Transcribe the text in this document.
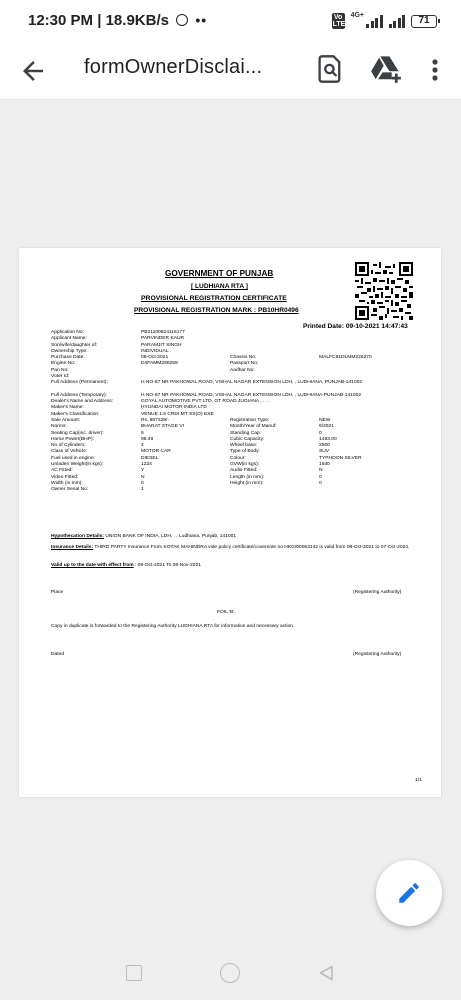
12:30 PM | 18.9KB/s ••	Vo LTE
4G+	71
formOwnerDisclai...
GOVERNMENT OF PUNJAB
[ LUDHIANA RTA ]
PROVISIONAL REGISTRATION CERTIFICATE
PROVISIONAL REGISTRATION MARK : PB10HR0496
Printed Date: 09-10-2021 14:47:43
Application No:	PB21100824116177
Applicant Name:	PARVINDER KAUR
Son/wife/daughter of:	PARAMJIT SINGH
Ownership Type:	INDIVIDUAL
Purchase Date:	08-Oct-2021	Chassis No:	MALFC81DLMM226270
Engine No:	D4FAMM298259	Passport No:
Pan No:	Aadhar No:
Voter Id:
Full Address (Permanent):	H NO-87 NR PAKHOWAL ROAD, VISHAL NAGAR EXTENSION LDH, , LUDHIANA, PUNJAB-141002
Full Address (Temporary):	H NO-87 NR PAKHOWAL ROAD, VISHAL NAGAR EXTENSION LDH, , LUDHIANA-PUNJAB-141002
Dealer's Name and Address:	GOYAL AUTOMOTIVE PVT LTD, GT ROAD JUGIANA , . . .
Maker's Name:	HYUNDAI MOTOR INDIA LTD
Maker's Classification:	VENUE 1.5 CRDI MT SX(O) EXE
Sale Amount:	Rs. 857329/-	Registration Type:	NEW
Norms:	BHARAT STAGE VI	Month/Year of Manuf:	6/2021
Seating Cap(inc. driver):	5	Standing Cap:	0
Horse Power(BHP):	98.49	Cubic Capacity:	1493.00
No of Cylinders:	4	Wheel base:	2500
Class of Vehicle:	MOTOR CAR	Type of Body:	SUV
Fuel used in engine:	DIESEL	Colour:	TYPHOON SILVER
Unladen Weight(in kgs):	1224	GVW(in kgs):	1640
AC Fitted:	Y	Audio Fitted:	N
Video Fitted:	N	Length (in mm):	0
Width (in mm):	0	Height (in mm):	0
Owner Serial No:	1
Hypothecation Details: UNION BANK OF INDIA, LDH, , , Ludhiana, Punjab, 141001
Insurance Details: THIRD PARTY Insurance From KOTAK MAHINDRA vide policy certificate/covernote no HKG/00063142 is valid from 08-Oct-2021 to 07-Oct-2024.
Valid up to the date with effect from : 09-Oct-2021 To 08-Nov-2021
Place	(Registering Authority)
FOIL 'B'.
Copy in duplicate is forwarded to the Registering Authority LUDHIANA RTA for information and necessary action.
Dated	(Registering Authority)
1/1
